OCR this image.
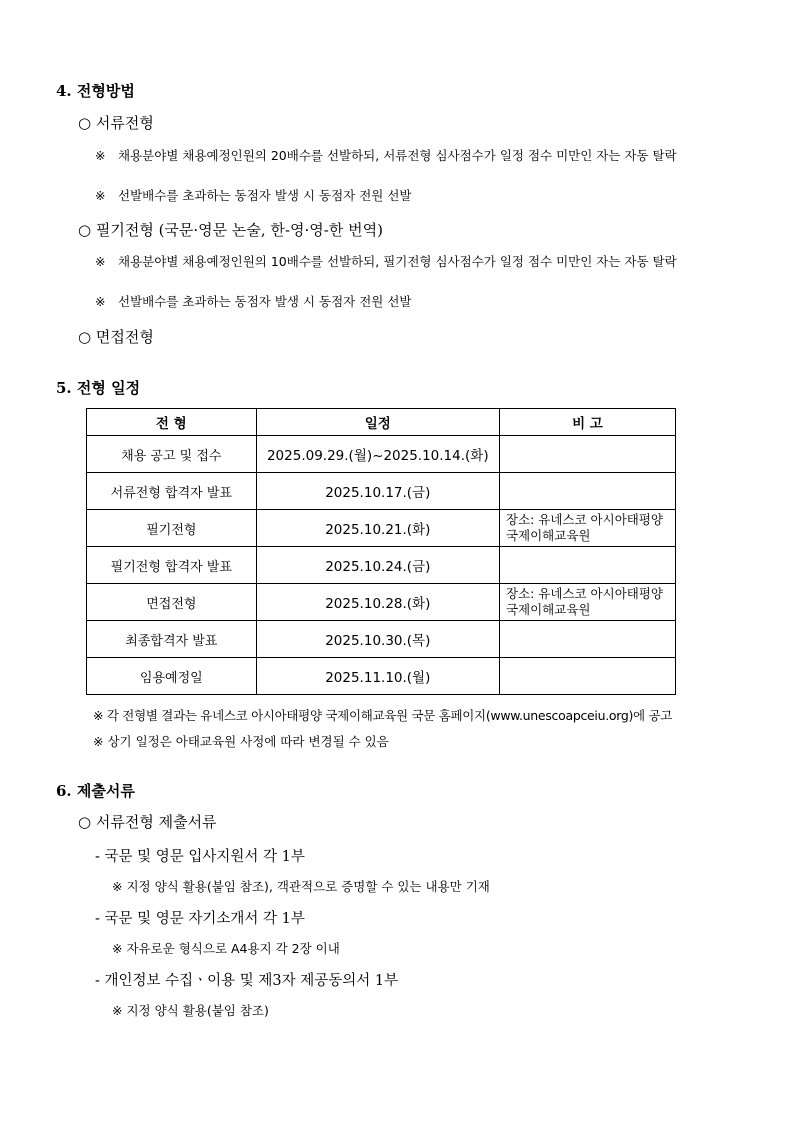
4. 전형방법
○ 서류전형
※	채용분야별 채용예정인원의 20배수를 선발하되, 서류전형 심사점수가 일정 점수 미만인 자는 자동 탈락
※	선발배수를 초과하는 동점자 발생 시 동점자 전원 선발
○ 필기전형 (국문·영문 논술, 한-영·영-한 번역)
※	채용분야별 채용예정인원의 10배수를 선발하되, 필기전형 심사점수가 일정 점수 미만인 자는 자동 탈락
※	선발배수를 초과하는 동점자 발생 시 동점자 전원 선발
○ 면접전형
5. 전형 일정
전 형	일정	비 고
채용 공고 및 접수	2025.09.29.(월)~2025.10.14.(화)	
서류전형 합격자 발표	2025.10.17.(금)	
필기전형	2025.10.21.(화)	장소: 유네스코 아시아태평양 국제이해교육원
필기전형 합격자 발표	2025.10.24.(금)	
면접전형	2025.10.28.(화)	장소: 유네스코 아시아태평양 국제이해교육원
최종합격자 발표	2025.10.30.(목)	
임용예정일	2025.11.10.(월)	
※ 각 전형별 결과는 유네스코 아시아태평양 국제이해교육원 국문 홈페이지(www.unescoapceiu.org)에 공고
※ 상기 일정은 아태교육원 사정에 따라 변경될 수 있음
6. 제출서류
○ 서류전형 제출서류
- 국문 및 영문 입사지원서 각 1부
※ 지정 양식 활용(붙임 참조), 객관적으로 증명할 수 있는 내용만 기재
- 국문 및 영문 자기소개서 각 1부
※ 자유로운 형식으로 A4용지 각 2장 이내
- 개인정보 수집ㆍ이용 및 제3자 제공동의서 1부
※ 지정 양식 활용(붙임 참조)
